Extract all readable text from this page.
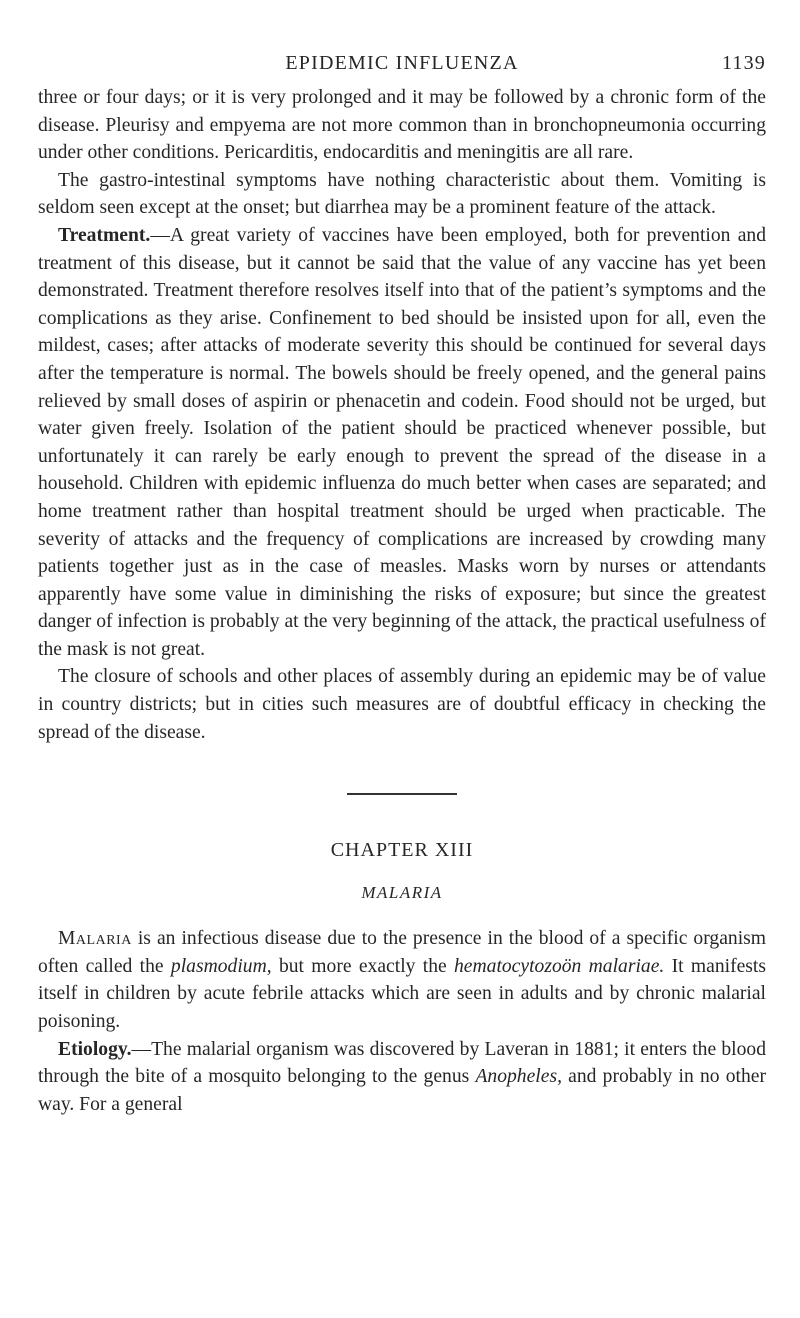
EPIDEMIC INFLUENZA	1139

three or four days; or it is very prolonged and it may be followed by a chronic form of the disease. Pleurisy and empyema are not more common than in bronchopneumonia occurring under other conditions. Pericarditis, endocarditis and meningitis are all rare.

The gastro-intestinal symptoms have nothing characteristic about them. Vomiting is seldom seen except at the onset; but diarrhea may be a prominent feature of the attack.

Treatment.—A great variety of vaccines have been employed, both for prevention and treatment of this disease, but it cannot be said that the value of any vaccine has yet been demonstrated. Treatment therefore resolves itself into that of the patient’s symptoms and the complications as they arise. Confinement to bed should be insisted upon for all, even the mildest, cases; after attacks of moderate severity this should be continued for several days after the temperature is normal. The bowels should be freely opened, and the general pains relieved by small doses of aspirin or phenacetin and codein. Food should not be urged, but water given freely. Isolation of the patient should be practiced whenever possible, but unfortunately it can rarely be early enough to prevent the spread of the disease in a household. Children with epidemic influenza do much better when cases are separated; and home treatment rather than hospital treatment should be urged when practicable. The severity of attacks and the frequency of complications are increased by crowding many patients together just as in the case of measles. Masks worn by nurses or attendants apparently have some value in diminishing the risks of exposure; but since the greatest danger of infection is probably at the very beginning of the attack, the practical usefulness of the mask is not great.

The closure of schools and other places of assembly during an epidemic may be of value in country districts; but in cities such measures are of doubtful efficacy in checking the spread of the disease.

CHAPTER XIII

MALARIA

Malaria is an infectious disease due to the presence in the blood of a specific organism often called the plasmodium, but more exactly the hematocytozoön malariae. It manifests itself in children by acute febrile attacks which are seen in adults and by chronic malarial poisoning.

Etiology.—The malarial organism was discovered by Laveran in 1881; it enters the blood through the bite of a mosquito belonging to the genus Anopheles, and probably in no other way. For a general
